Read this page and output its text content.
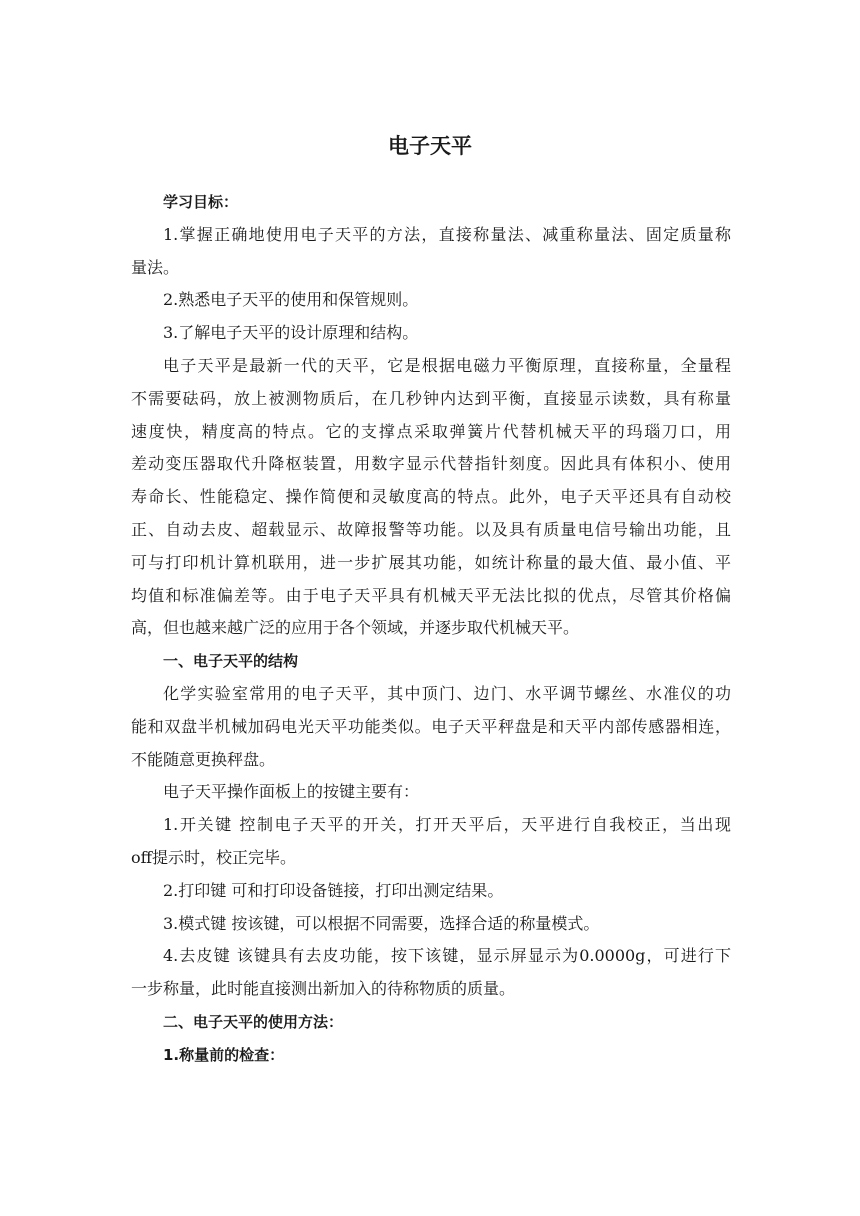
电子天平

学习目标：

1.掌握正确地使用电子天平的方法，直接称量法、减重称量法、固定质量称

量法。

2.熟悉电子天平的使用和保管规则。

3.了解电子天平的设计原理和结构。

电子天平是最新一代的天平，它是根据电磁力平衡原理，直接称量，全量程

不需要砝码，放上被测物质后，在几秒钟内达到平衡，直接显示读数，具有称量

速度快，精度高的特点。它的支撑点采取弹簧片代替机械天平的玛瑙刀口，用

差动变压器取代升降枢装置，用数字显示代替指针刻度。因此具有体积小、使用

寿命长、性能稳定、操作简便和灵敏度高的特点。此外，电子天平还具有自动校

正、自动去皮、超载显示、故障报警等功能。以及具有质量电信号输出功能，且

可与打印机计算机联用，进一步扩展其功能，如统计称量的最大值、最小值、平

均值和标准偏差等。由于电子天平具有机械天平无法比拟的优点，尽管其价格偏

高，但也越来越广泛的应用于各个领域，并逐步取代机械天平。

一、电子天平的结构

化学实验室常用的电子天平，其中顶门、边门、水平调节螺丝、水准仪的功

能和双盘半机械加码电光天平功能类似。电子天平秤盘是和天平内部传感器相连，

不能随意更换秤盘。

电子天平操作面板上的按键主要有：

1.开关键 控制电子天平的开关，打开天平后，天平进行自我校正，当出现

off提示时，校正完毕。

2.打印键 可和打印设备链接，打印出测定结果。

3.模式键 按该键，可以根据不同需要，选择合适的称量模式。

4.去皮键 该键具有去皮功能，按下该键，显示屏显示为0.0000g，可进行下

一步称量，此时能直接测出新加入的待称物质的质量。

二、电子天平的使用方法：

1.称量前的检查：
